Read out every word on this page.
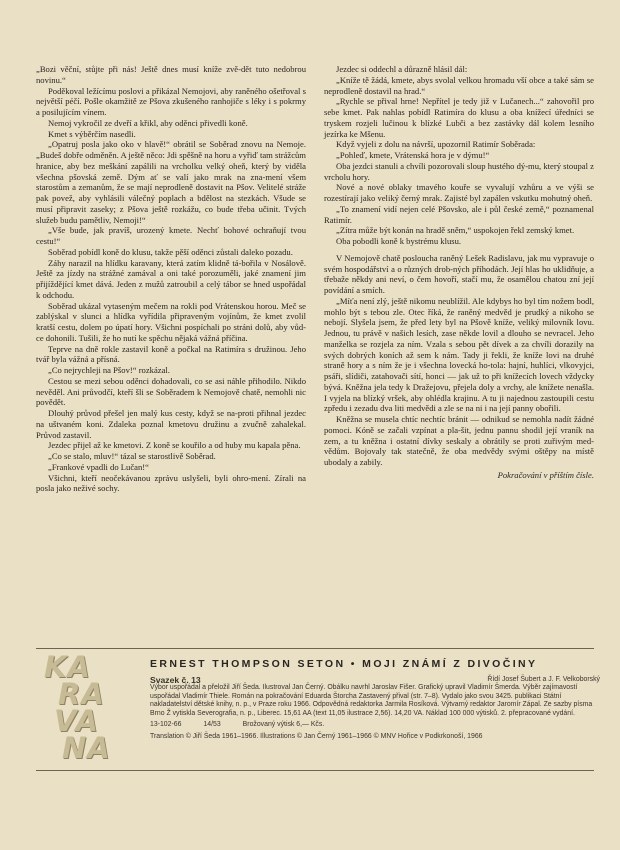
„Bozi věční, stůjte při nás! Ještě dnes musí kníže zvě-dět tuto nedobrou novinu.“

Poděkoval ležícímu poslovi a přikázal Nemojovi, aby raněného ošetřoval s největší péčí. Pošle okamžitě ze Pšova zkušeného ranhojiče s léky i s pokrmy a posilujícím vínem.

Nemoj vykročil ze dveří a křikl, aby oděnci přivedli koně.

Kmet s výběrčím nasedli.

„Opatruj posla jako oko v hlavě!“ obrátil se Soběrad znovu na Nemoje. „Budeš dobře odměněn. A ještě něco: Jdi spěšně na horu a vyřiď tam strážcům hranice, aby bez meškání zapálili na vrcholku velký oheň, který by viděla všechna pšovská země. Dým ať se valí jako mrak na zna-mení všem starostům a zemanům, že se mají neprodleně dostavit na Pšov. Velitelé stráže pak povež, aby vyhlásili válečný poplach a bdělost na stezkách. Všude se musí připravit zaseky; z Pšova ještě rozkážu, co bude třeba učinit. Tvých služeb budu pamětliv, Nemoji!“

„Vše bude, jak pravíš, urozený kmete. Nechť bohové ochraňují tvou cestu!“

Soběrad pobídl koně do klusu, takže pěší oděnci zůstali daleko pozadu.

Záhy narazil na hlídku karavany, která zatím klidně tá-bořila v Nosálově. Ještě za jízdy na strážné zamával a oni také porozuměli, jaké znamení jim přijíždějící kmet dává. Jeden z mužů zatroubil a celý tábor se hned uspořádal k odchodu.

Soběrad ukázal vytaseným mečem na rokli pod Vrátenskou horou. Meč se zablýskal v slunci a hlídka vyřídila připraveným vojínům, že kmet zvolil kratší cestu, dolem po úpatí hory. Všichni pospíchali po stráni dolů, aby vůd-ce dohonili. Tušili, že ho nutí ke spěchu nějaká vážná příčina.

Teprve na dně rokle zastavil koně a počkal na Ratimíra s družinou. Jeho tvář byla vážná a přísná.

„Co nejrychleji na Pšov!“ rozkázal.

Cestou se mezi sebou oděnci dohadovali, co se asi náhle přihodilo. Nikdo nevěděl. Ani průvodčí, kteří šli se Soběradem k Nemojově chatě, nemohli nic povědět.

Dlouhý průvod přešel jen malý kus cesty, když se na-proti přihnal jezdec na uštvaném koni. Zdaleka poznal kmetovu družinu a zvučně zahalekal. Průvod zastavil.

Jezdec přijel až ke kmetovi. Z koně se kouřilo a od huby mu kapala pěna.

„Co se stalo, mluv!“ tázal se starostlivě Soběrad.

„Frankové vpadli do Lučan!“

Všichni, kteří neočekávanou zprávu uslyšeli, byli ohro-mení. Zírali na posla jako neživé sochy.

Jezdec si oddechl a důrazně hlásil dál:

„Kníže tě žádá, kmete, abys svolal velkou hromadu vší obce a také sám se neprodleně dostavil na hrad.“

„Rychle se přival hrne! Nepřítel je tedy již v Lučanech...“ zahovořil pro sebe kmet. Pak nahlas pobídl Ratimíra do klusu a oba knížecí úředníci se tryskem rozjeli lučinou k blízké Lubči a bez zastávky dál kolem lesního jezírka ke Mšenu.

Když vyjeli z dolu na návrší, upozornil Ratimír Soběrada:

„Pohleď, kmete, Vrátenská hora je v dýmu!“

Oba jezdci stanuli a chvíli pozorovali sloup hustého dý-mu, který stoupal z vrcholu hory.

Nové a nové oblaky tmavého kouře se vyvalují vzhůru a ve výši se rozestírají jako veliký černý mrak. Zajisté byl zapálen vskutku mohutný oheň.

„To znamení vidí nejen celé Pšovsko, ale i půl české země,“ poznamenal Ratimír.

„Zítra může být konán na hradě sněm,“ uspokojen řekl zemský kmet.

Oba pobodli koně k bystrému klusu.

V Nemojově chatě posloucha raněný Lešek Radislavu, jak mu vypravuje o svém hospodářství a o různých drob-ných příhodách. Její hlas ho uklidňuje, a třebaže někdy ani neví, o čem hovoří, stačí mu, že osamělou chatou zní její povídání a smích.

„Míťa není zlý, ještě nikomu neublížil. Ale kdybys ho byl tím nožem bodl, mohlo být s tebou zle. Otec říká, že raněný medvěd je prudký a nikoho se nebojí. Slyšela jsem, že před lety byl na Pšově kníže, veliký milovník lovu. Jednou, tu právě v našich lesích, zase někde lovil a dlouho se nevracel. Jeho manželka se rozjela za ním. Vzala s sebou pět dívek a za chvíli dorazily na svých dobrých koních až sem k nám. Tady ji řekli, že kníže lovi na druhé straně hory a s ním že je i všechna lovecká ho-tola: hajní, huhlíci, vlkovyjci, psáři, slídiči, zatahovači sítí, honci — jak už to při knížecích lovech vždycky bývá. Kněžna jela tedy k Dražejovu, přejela doly a vrchy, ale knížete nenašla. I vyjela na blízký vršek, aby ohlédla krajinu. A tu ji najednou zastoupili cestu zpředu i zezadu dva liti medvědi a zle se na ni i na její panny obořili.

Kněžna se musela chtíc nechtíc bránit — odnikud se nemohla nadít žádné pomoci. Kóně se začali vzpínat a pla-šit, jednu pannu shodil její vraník na zem, a tu kněžna i ostatní dívky seskaly a obrátily se proti zuřivým med-vědům. Bojovaly tak statečně, že oba medvědy svými oštěpy na místě ubodaly a zabily.

Pokračování v příštím čísle.

KA
RA
VA
NA
ERNEST THOMPSON SETON • MOJI ZNÁMÍ Z DIVOČINY
Svazek č. 13	Řídí Josef Šubert a J. F. Velkoborský

Výbor uspořádal a přeložil Jiří Šeda. Ilustroval Jan Černý. Obálku navrhl Jaroslav Fišer. Grafický upravil Vladimír Šmerda. Výběr zajímavostí uspořádal Vladimír Thiele. Román na pokračování Eduarda Štorcha Zastavený přival (str. 7–8). Vydalo jako svou 3425. publikaci Státní nakladatelství dětské knihy, n. p., v Praze roku 1966. Odpovědná redaktorka Jarmila Rosíková. Výtvarný redaktor Jaromír Zápal. Ze sazby písma Brno Ž vytiskla Severografia, n. p., Liberec. 15,61 AA (text 11,05 ilustrace 2,56). 14,20 VA. Náklad 100 000 výtisků. 2. přepracované vydání.

13-102-66	14/53	Brožovaný výtisk 6,— Kčs.

Translation © Jiří Šeda 1961–1966. Illustrations © Jan Černý 1961–1966 © MNV Hořice v Podkrkonoší, 1966
